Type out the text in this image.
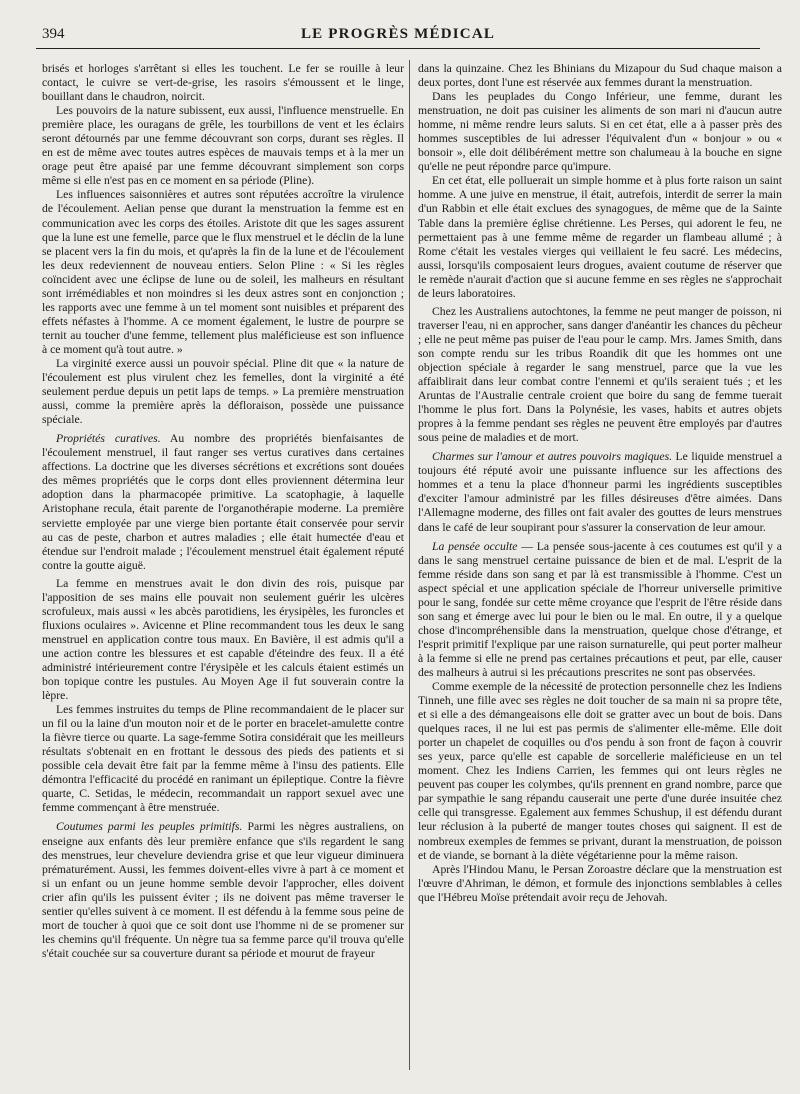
394	LE PROGRÈS MÉDICAL

brisés et horloges s'arrêtant si elles les touchent. Le fer se rouille à leur contact, le cuivre se vert-de-grise, les rasoirs s'émoussent et le linge, bouillant dans le chaudron, noircit.

Les pouvoirs de la nature subissent, eux aussi, l'influence menstruelle. En première place, les ouragans de grêle, les tourbillons de vent et les éclairs seront détournés par une femme découvrant son corps, durant ses règles. Il en est de même avec toutes autres espèces de mauvais temps et à la mer un orage peut être apaisé par une femme découvrant simplement son corps même si elle n'est pas en ce moment en sa période (Pline).

Les influences saisonnières et autres sont réputées accroître la virulence de l'écoulement. Aelian pense que durant la menstruation la femme est en communication avec les corps des étoiles. Aristote dit que les sages assurent que la lune est une femelle, parce que le flux menstruel et le déclin de la lune se placent vers la fin du mois, et qu'après la fin de la lune et de l'écoulement les deux redeviennent de nouveau entiers. Selon Pline : « Si les règles coïncident avec une éclipse de lune ou de soleil, les malheurs en résultant sont irrémédiables et non moindres si les deux astres sont en conjonction ; les rapports avec une femme à un tel moment sont nuisibles et préparent des effets néfastes à l'homme. A ce moment également, le lustre de pourpre se ternit au toucher d'une femme, tellement plus maléficieuse est son influence à ce moment qu'à tout autre. »

La virginité exerce aussi un pouvoir spécial. Pline dit que « la nature de l'écoulement est plus virulent chez les femelles, dont la virginité a été seulement perdue depuis un petit laps de temps. » La première menstruation aussi, comme la première après la défloraison, possède une puissance spéciale.

Propriétés curatives. Au nombre des propriétés bienfaisantes de l'écoulement menstruel, il faut ranger ses vertus curatives dans certaines affections. La doctrine que les diverses sécrétions et excrétions sont douées des mêmes propriétés que le corps dont elles proviennent détermina leur adoption dans la pharmacopée primitive. La scatophagie, à laquelle Aristophane recula, était parente de l'organothérapie moderne. La première serviette employée par une vierge bien portante était conservée pour servir au cas de peste, charbon et autres maladies ; elle était humectée d'eau et étendue sur l'endroit malade ; l'écoulement menstruel était également réputé contre la goutte aiguë.

La femme en menstrues avait le don divin des rois, puisque par l'apposition de ses mains elle pouvait non seulement guérir les ulcères scrofuleux, mais aussi « les abcès parotidiens, les érysipèles, les furoncles et fluxions oculaires ». Avicenne et Pline recommandent tous les deux le sang menstruel en application contre tous maux. En Bavière, il est admis qu'il a une action contre les blessures et est capable d'éteindre des feux. Il a été administré intérieurement contre l'érysipèle et les calculs étaient estimés un bon topique contre les pustules. Au Moyen Age il fut souverain contre la lèpre.

Les femmes instruites du temps de Pline recommandaient de le placer sur un fil ou la laine d'un mouton noir et de le porter en bracelet-amulette contre la fièvre tierce ou quarte. La sage-femme Sotira considérait que les meilleurs résultats s'obtenait en en frottant le dessous des pieds des patients et si possible cela devait être fait par la femme même à l'insu des patients. Elle démontra l'efficacité du procédé en ranimant un épileptique. Contre la fièvre quarte, C. Setidas, le médecin, recommandait un rapport sexuel avec une femme commençant à être menstruée.

Coutumes parmi les peuples primitifs. Parmi les nègres australiens, on enseigne aux enfants dès leur première enfance que s'ils regardent le sang des menstrues, leur chevelure deviendra grise et que leur vigueur diminuera prématurément. Aussi, les femmes doivent-elles vivre à part à ce moment et si un enfant ou un jeune homme semble devoir l'approcher, elles doivent crier afin qu'ils les puissent éviter ; ils ne doivent pas même traverser le sentier qu'elles suivent à ce moment. Il est défendu à la femme sous peine de mort de toucher à quoi que ce soit dont use l'homme ni de se promener sur les chemins qu'il fréquente. Un nègre tua sa femme parce qu'il trouva qu'elle s'était couchée sur sa couverture durant sa période et mourut de frayeur

dans la quinzaine. Chez les Bhinians du Mizapour du Sud chaque maison a deux portes, dont l'une est réservée aux femmes durant la menstruation.

Dans les peuplades du Congo Inférieur, une femme, durant les menstruation, ne doit pas cuisiner les aliments de son mari ni d'aucun autre homme, ni même rendre leurs saluts. Si en cet état, elle a à passer près des hommes susceptibles de lui adresser l'équivalent d'un « bonjour » ou « bonsoir », elle doit délibérément mettre son chalumeau à la bouche en signe qu'elle ne peut répondre parce qu'impure.

En cet état, elle polluerait un simple homme et à plus forte raison un saint homme. A une juive en menstrue, il était, autrefois, interdit de serrer la main d'un Rabbin et elle était exclues des synagogues, de même que de la Sainte Table dans la première église chrétienne. Les Perses, qui adorent le feu, ne permettaient pas à une femme même de regarder un flambeau allumé ; à Rome c'était les vestales vierges qui veillaient le feu sacré. Les médecins, aussi, lorsqu'ils composaient leurs drogues, avaient coutume de réserver que le remède n'aurait d'action que si aucune femme en ses règles ne s'approchait de leurs laboratoires.

Chez les Australiens autochtones, la femme ne peut manger de poisson, ni traverser l'eau, ni en approcher, sans danger d'anéantir les chances du pêcheur ; elle ne peut même pas puiser de l'eau pour le camp. Mrs. James Smith, dans son compte rendu sur les tribus Roandik dit que les hommes ont une objection spéciale à regarder le sang menstruel, parce que la vue les affaiblirait dans leur combat contre l'ennemi et qu'ils seraient tués ; et les Aruntas de l'Australie centrale croient que boire du sang de femme tuerait l'homme le plus fort. Dans la Polynésie, les vases, habits et autres objets propres à la femme pendant ses règles ne peuvent être employés par d'autres sous peine de maladies et de mort.

Charmes sur l'amour et autres pouvoirs magiques. Le liquide menstruel a toujours été réputé avoir une puissante influence sur les affections des hommes et a tenu la place d'honneur parmi les ingrédients susceptibles d'exciter l'amour administré par les filles désireuses d'être aimées. Dans l'Allemagne moderne, des filles ont fait avaler des gouttes de leurs menstrues dans le café de leur soupirant pour s'assurer la conservation de leur amour.

La pensée occulte — La pensée sous-jacente à ces coutumes est qu'il y a dans le sang menstruel certaine puissance de bien et de mal. L'esprit de la femme réside dans son sang et par là est transmissible à l'homme. C'est un aspect spécial et une application spéciale de l'horreur universelle primitive pour le sang, fondée sur cette même croyance que l'esprit de l'être réside dans son sang et émerge avec lui pour le bien ou le mal. En outre, il y a quelque chose d'incompréhensible dans la menstruation, quelque chose d'étrange, et l'esprit primitif l'explique par une raison surnaturelle, qui peut porter malheur à la femme si elle ne prend pas certaines précautions et peut, par elle, causer des malheurs à autrui si les précautions prescrites ne sont pas observées.

Comme exemple de la nécessité de protection personnelle chez les Indiens Tinneh, une fille avec ses règles ne doit toucher de sa main ni sa propre tête, et si elle a des démangeaisons elle doit se gratter avec un bout de bois. Dans quelques races, il ne lui est pas permis de s'alimenter elle-même. Elle doit porter un chapelet de coquilles ou d'os pendu à son front de façon à couvrir ses yeux, parce qu'elle est capable de sorcellerie maléficieuse en un tel moment. Chez les Indiens Carrien, les femmes qui ont leurs règles ne peuvent pas couper les colymbes, qu'ils prennent en grand nombre, parce que par sympathie le sang répandu causerait une perte d'une durée insuitée chez celle qui transgresse. Egalement aux femmes Schushup, il est défendu durant leur réclusion à la puberté de manger toutes choses qui saignent. Il est de nombreux exemples de femmes se privant, durant la menstruation, de poisson et de viande, se bornant à la diète végétarienne pour la même raison.

Après l'Hindou Manu, le Persan Zoroastre déclare que la menstruation est l'œuvre d'Ahriman, le démon, et formule des injonctions semblables à celles que l'Hébreu Moïse prétendait avoir reçu de Jehovah.
